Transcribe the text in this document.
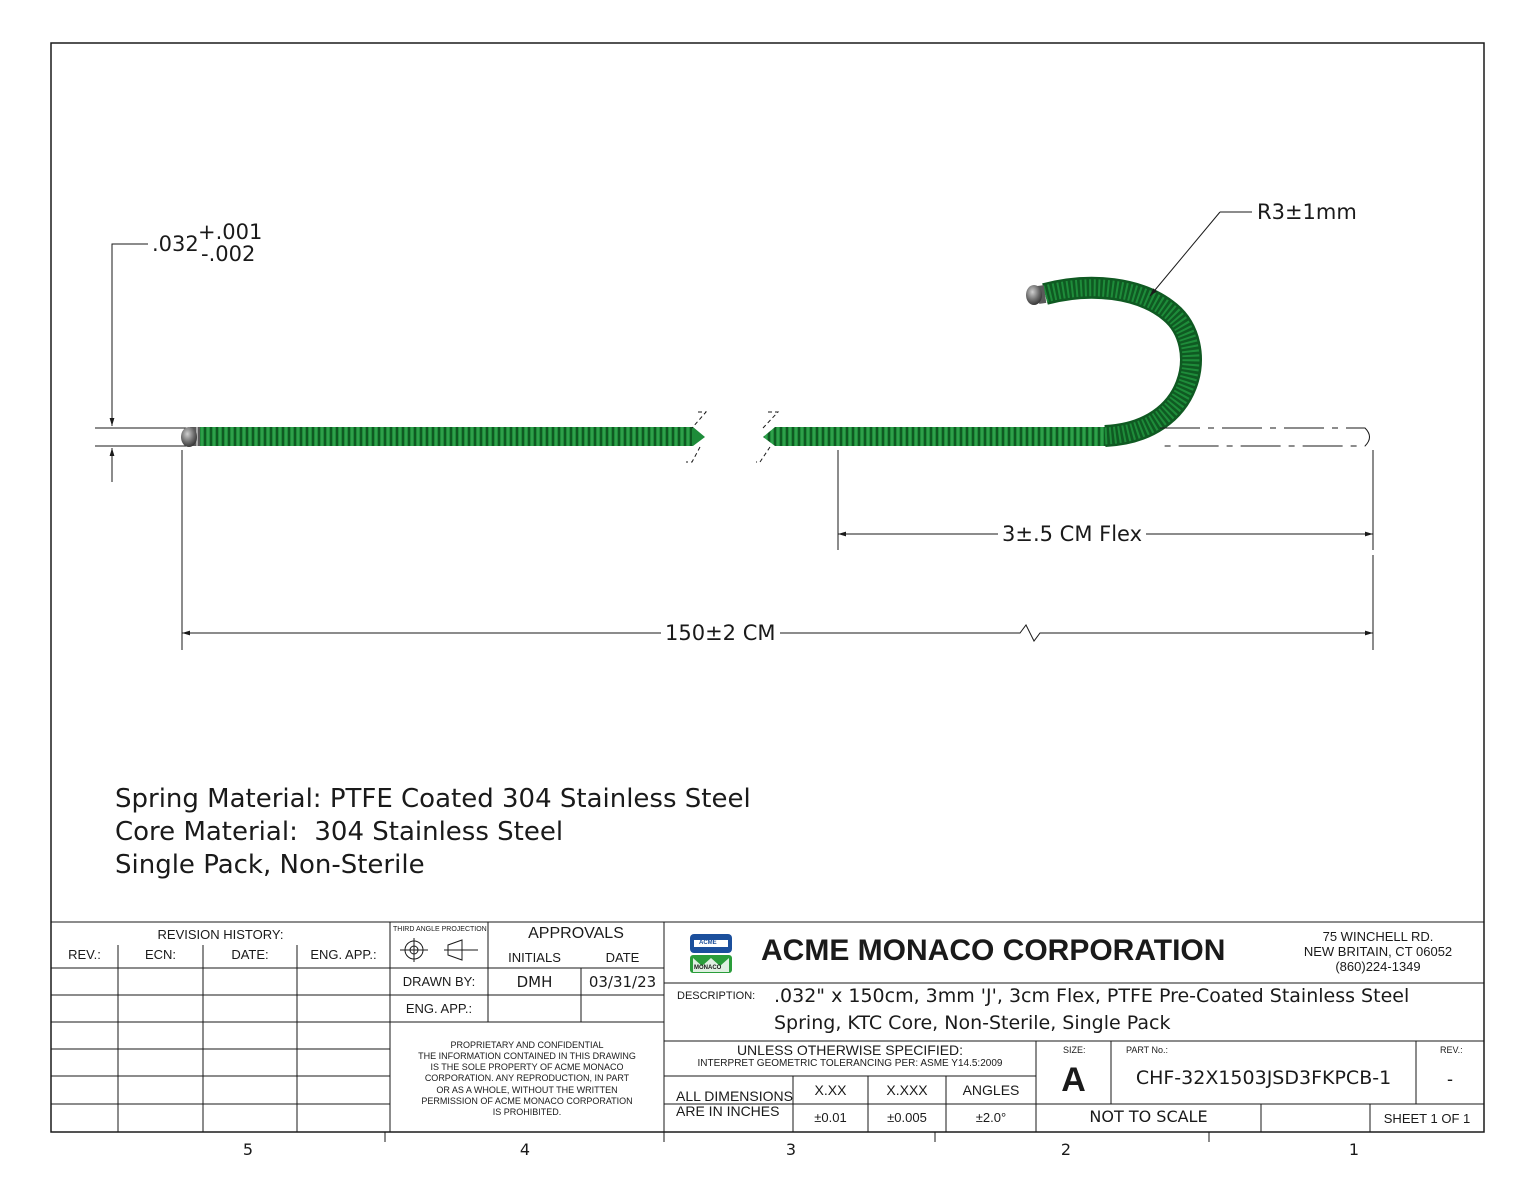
.032 +.001
-.002
R3±1mm
3±.5 CM Flex
150±2 CM
Spring Material: PTFE Coated 304 Stainless Steel
Core Material:  304 Stainless Steel
Single Pack, Non-Sterile
REVISION HISTORY:
REV.:	ECN:	DATE:	ENG. APP.:
THIRD ANGLE PROJECTION	APPROVALS
INITIALS	DATE
DRAWN BY:	DMH	03/31/23
ENG. APP.:
PROPRIETARY AND CONFIDENTIAL
THE INFORMATION CONTAINED IN THIS DRAWING
IS THE SOLE PROPERTY OF ACME MONACO
CORPORATION. ANY REPRODUCTION, IN PART
OR AS A WHOLE, WITHOUT THE WRITTEN
PERMISSION OF ACME MONACO CORPORATION
IS PROHIBITED.
ACME
MONACO
ACME MONACO CORPORATION	75 WINCHELL RD.
NEW BRITAIN, CT 06052
(860)224-1349
DESCRIPTION: .032" x 150cm, 3mm 'J', 3cm Flex, PTFE Pre-Coated Stainless Steel
Spring, KTC Core, Non-Sterile, Single Pack
UNLESS OTHERWISE SPECIFIED:
INTERPRET GEOMETRIC TOLERANCING PER: ASME Y14.5:2009
ALL DIMENSIONS
ARE IN INCHES
X.XX	X.XXX	ANGLES
±0.01	±0.005	±2.0°
SIZE:
A
PART No.:
CHF-32X1503JSD3FKPCB-1
REV.:
-
NOT TO SCALE	SHEET 1 OF 1
5	4	3	2	1
